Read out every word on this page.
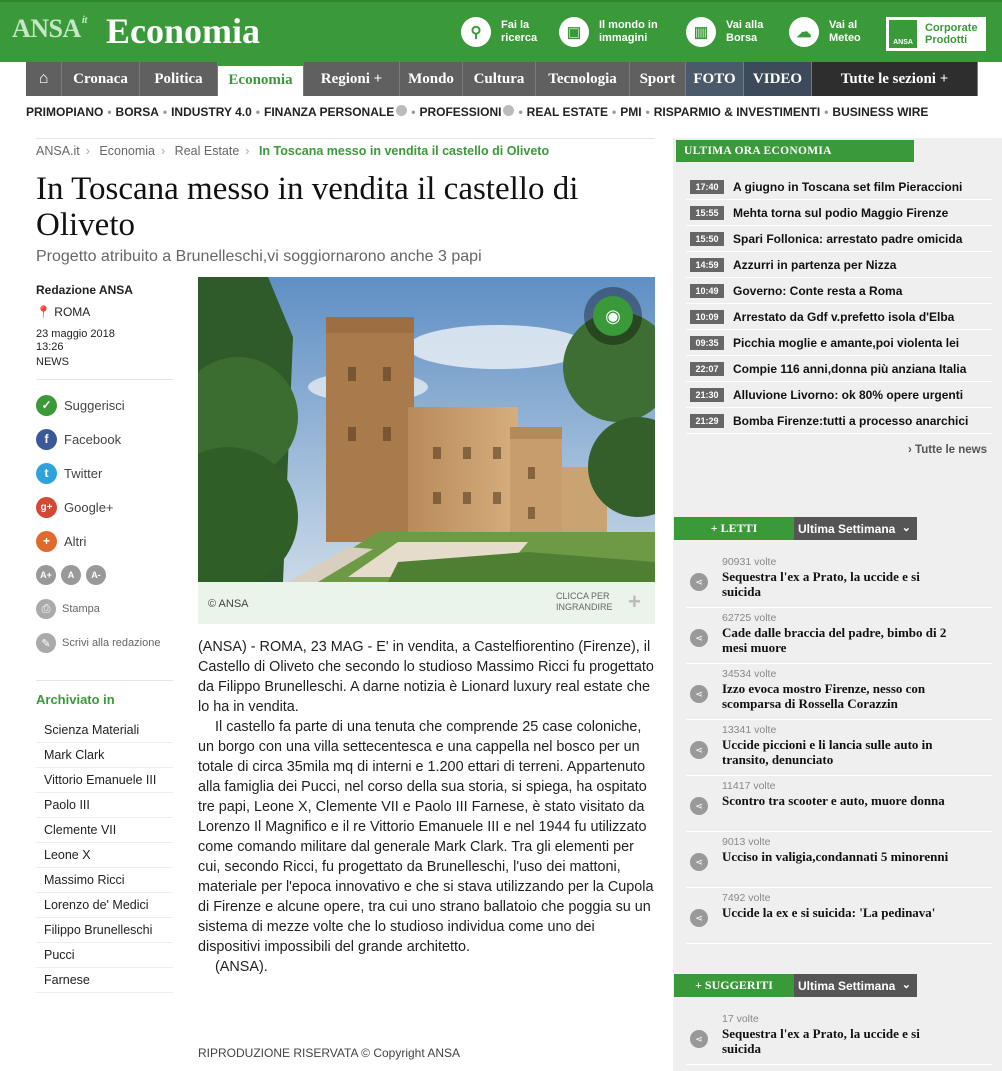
$ANSA^{it}$ Economia	⚲	Fai la
ricerca	▣	Il mondo in
immagini	▥	Vai alla
Borsa	☁	Vai al
Meteo	ANSA
Corporate
Prodotti
⌂	Cronaca	Politica	Economia	Regioni +	Mondo	Cultura	Tecnologia	Sport	FOTO	VIDEO	Tutte le sezioni +
PRIMOPIANO • BORSA • INDUSTRY 4.0 • FINANZA PERSONALE • PROFESSIONI • REAL ESTATE • PMI • RISPARMIO & INVESTIMENTI • BUSINESS WIRE
ANSA.it › Economia › Real Estate › In Toscana messo in vendita il castello di Oliveto
In Toscana messo in vendita il castello di Oliveto
Progetto atribuito a Brunelleschi,vi soggiornarono anche 3 papi
Redazione ANSA
📍 ROMA
23 maggio 2018
13:26
NEWS
✓ Suggerisci
f	Facebook
t	Twitter
g+ Google+
+	Altri
A+	A	A-
⎙	Stampa
✎	Scrivi alla redazione
Archiviato in
Scienza Materiali
Mark Clark
Vittorio Emanuele III
Paolo III
Clemente VII
Leone X
Massimo Ricci
Lorenzo de' Medici
Filippo Brunelleschi
Pucci
Farnese
◉
© ANSA
CLICCA PER
INGRANDIRE +

(ANSA) - ROMA, 23 MAG - E' in vendita, a Castelfiorentino (Firenze), il Castello di Oliveto che secondo lo studioso Massimo Ricci fu progettato da Filippo Brunelleschi. A darne notizia è Lionard luxury real estate che lo ha in vendita.

Il castello fa parte di una tenuta che comprende 25 case coloniche, un borgo con una villa settecentesca e una cappella nel bosco per un totale di circa 35mila mq di interni e 1.200 ettari di terreni. Appartenuto alla famiglia dei Pucci, nel corso della sua storia, si spiega, ha ospitato tre papi, Leone X, Clemente VII e Paolo III Farnese, è stato visitato da Lorenzo Il Magnifico e il re Vittorio Emanuele III e nel 1944 fu utilizzato come comando militare dal generale Mark Clark. Tra gli elementi per cui, secondo Ricci, fu progettato da Brunelleschi, l'uso dei mattoni, materiale per l'epoca innovativo e che si stava utilizzando per la Cupola di Firenze e alcune opere, tra cui uno strano ballatoio che poggia su un sistema di mezze volte che lo studioso individua come uno dei dispositivi impossibili del grande architetto.

(ANSA).

RIPRODUZIONE RISERVATA © Copyright ANSA
ULTIMA ORA ECONOMIA
17:40	A giugno in Toscana set film Pieraccioni
15:55	Mehta torna sul podio Maggio Firenze
15:50	Spari Follonica: arrestato padre omicida
14:59	Azzurri in partenza per Nizza
10:49	Governo: Conte resta a Roma
10:09	Arrestato da Gdf v.prefetto isola d'Elba
09:35	Picchia moglie e amante,poi violenta lei
22:07	Compie 116 anni,donna più anziana Italia
21:30	Alluvione Livorno: ok 80% opere urgenti
21:29	Bomba Firenze:tutti a processo anarchici
› Tutte le news
+ LETTI	Ultima Settimana ⌄
90931 volte
⋖	Sequestra l'ex a Prato, la uccide e si suicida
62725 volte
⋖	Cade dalle braccia del padre, bimbo di 2 mesi muore
34534 volte
⋖	Izzo evoca mostro Firenze, nesso con scomparsa di Rossella Corazzin
13341 volte
⋖	Uccide piccioni e li lancia sulle auto in transito, denunciato
11417 volte
⋖	Scontro tra scooter e auto, muore donna
9013 volte
⋖	Ucciso in valigia,condannati 5 minorenni
7492 volte
⋖	Uccide la ex e si suicida: 'La pedinava'
+ SUGGERITI	Ultima Settimana ⌄
17 volte
⋖	Sequestra l'ex a Prato, la uccide e si suicida
